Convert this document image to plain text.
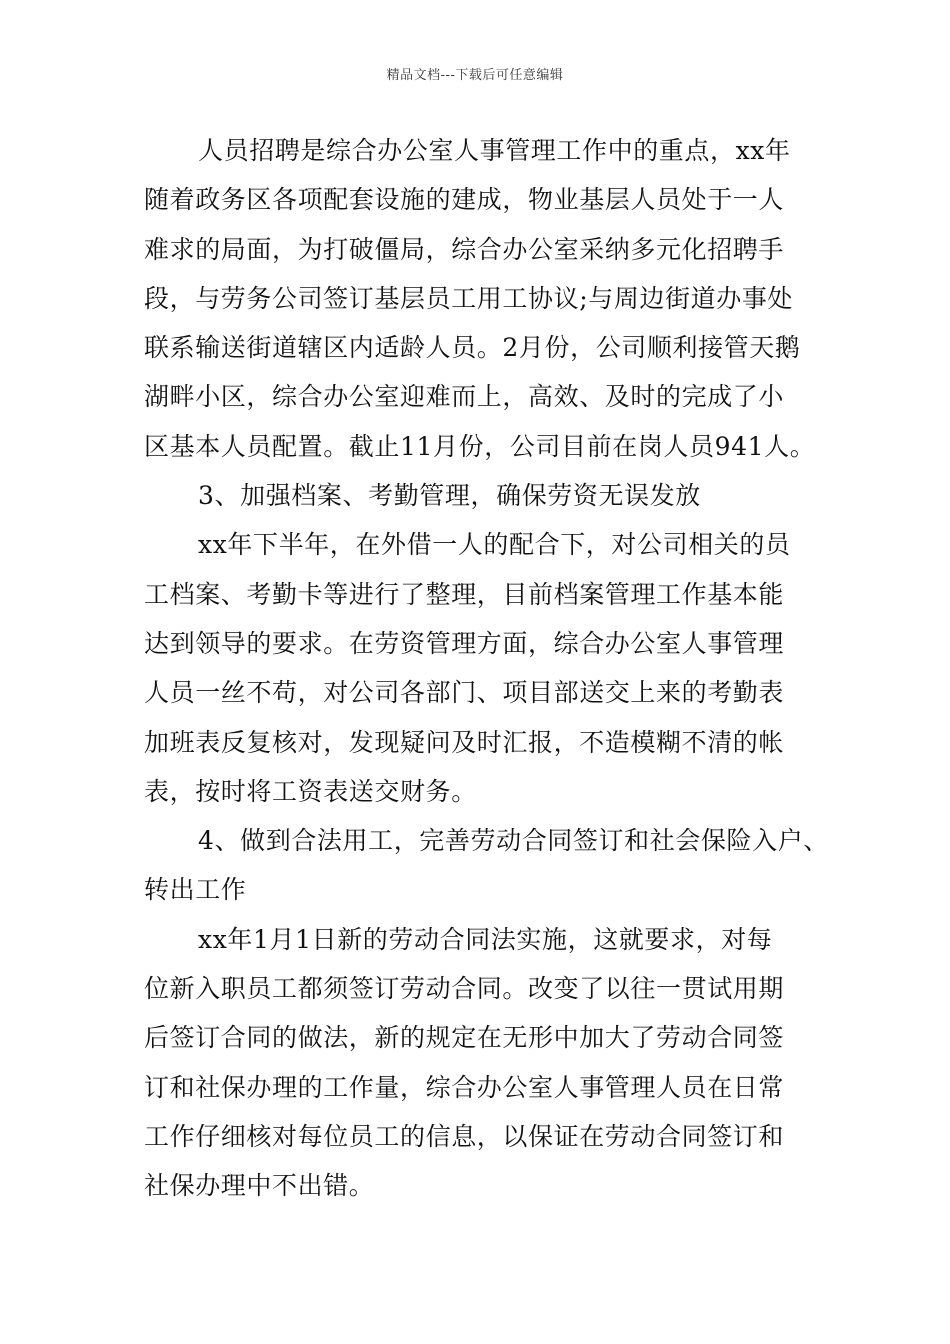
精品文档---下载后可任意编辑
人员招聘是综合办公室人事管理工作中的重点，xx年
随着政务区各项配套设施的建成，物业基层人员处于一人
难求的局面，为打破僵局，综合办公室采纳多元化招聘手
段，与劳务公司签订基层员工用工协议;与周边街道办事处
联系输送街道辖区内适龄人员。2月份，公司顺利接管天鹅
湖畔小区，综合办公室迎难而上，高效、及时的完成了小
区基本人员配置。截止11月份，公司目前在岗人员941人。
3、加强档案、考勤管理，确保劳资无误发放
xx年下半年，在外借一人的配合下，对公司相关的员
工档案、考勤卡等进行了整理，目前档案管理工作基本能
达到领导的要求。在劳资管理方面，综合办公室人事管理
人员一丝不苟，对公司各部门、项目部送交上来的考勤表
加班表反复核对，发现疑问及时汇报，不造模糊不清的帐
表，按时将工资表送交财务。
4、做到合法用工，完善劳动合同签订和社会保险入户、
转出工作
xx年1月1日新的劳动合同法实施，这就要求，对每
位新入职员工都须签订劳动合同。改变了以往一贯试用期
后签订合同的做法，新的规定在无形中加大了劳动合同签
订和社保办理的工作量，综合办公室人事管理人员在日常
工作仔细核对每位员工的信息，以保证在劳动合同签订和
社保办理中不出错。
